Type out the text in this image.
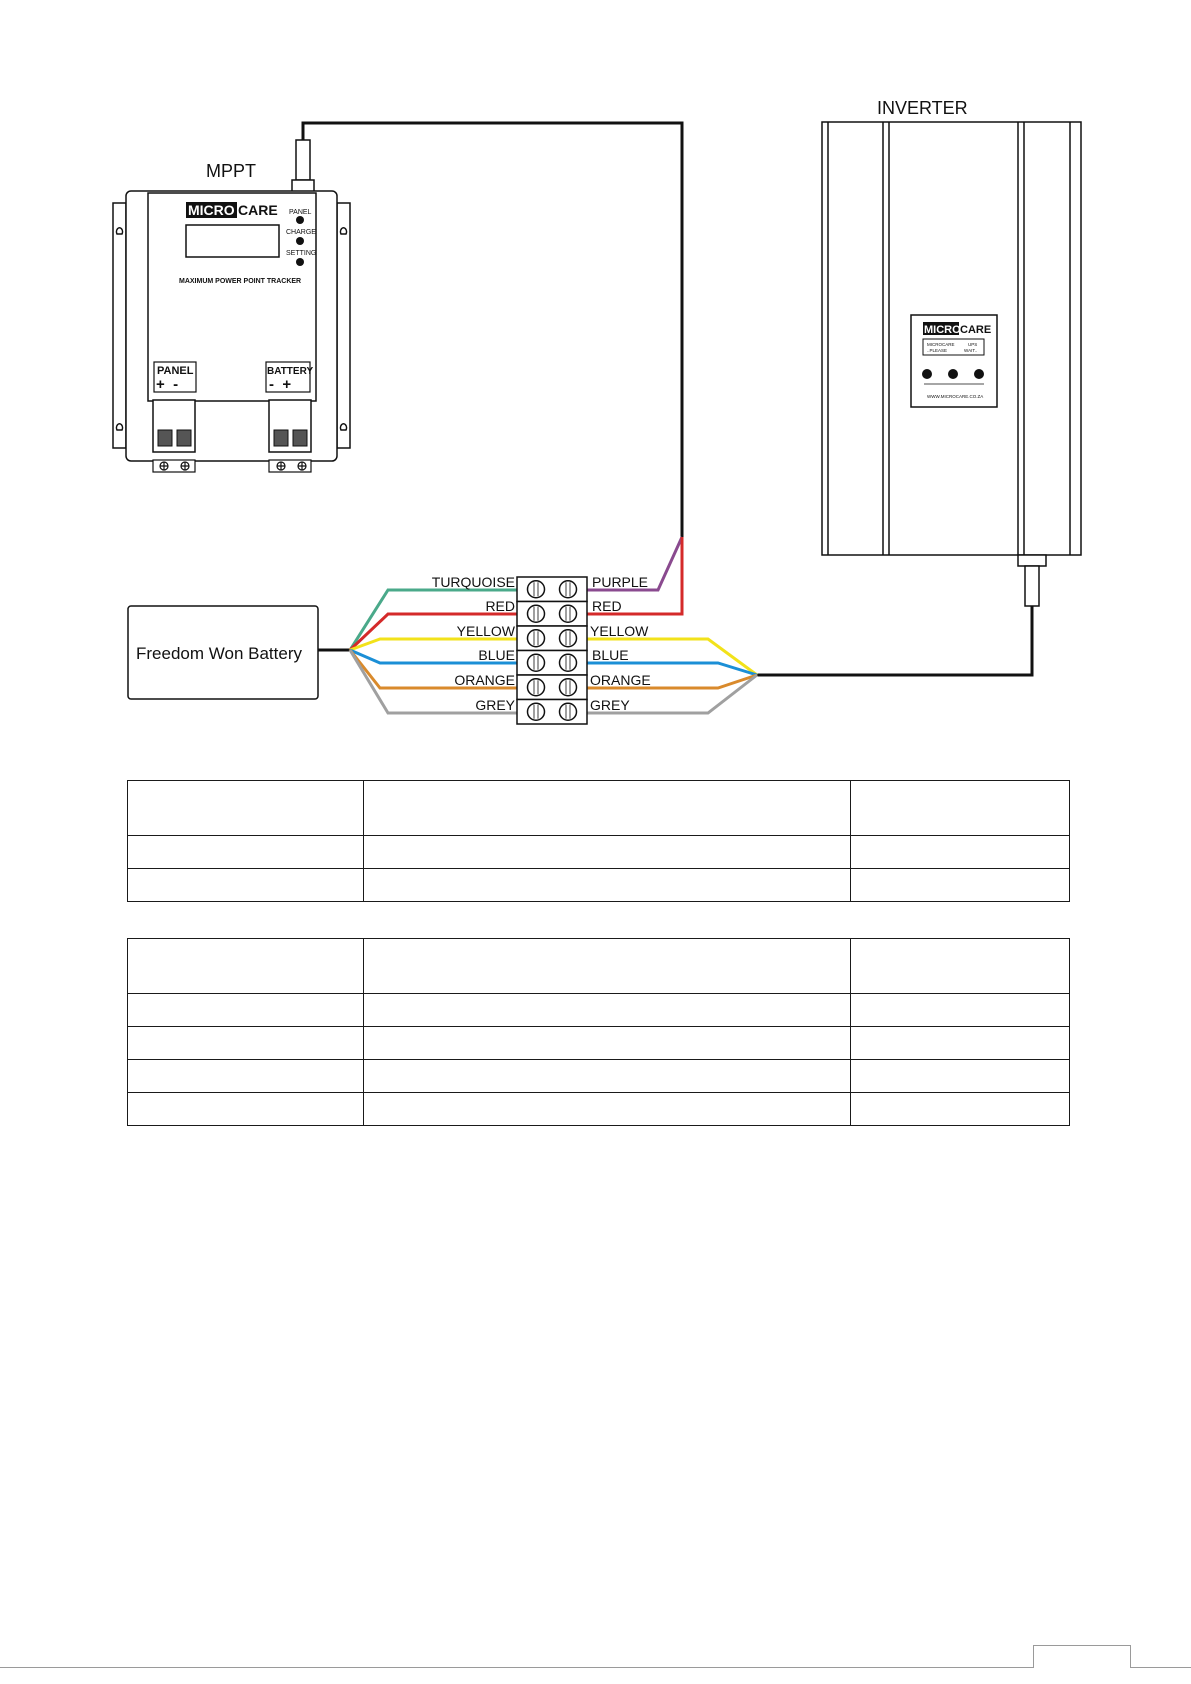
MPPT
MICRO CARE PANEL
CHARGE
SETTING
MAXIMUM POWER POINT TRACKER
PANEL
+  -
BATTERY
-  +
INVERTER
MICRO CARE
MICROCARE	UPS
..PLEASE	WAIT..
WWW.MICROCARE.CO.ZA
Freedom Won Battery
TURQUOISE
RED
YELLOW
BLUE
ORANGE
GREY
PURPLE
RED
YELLOW
BLUE
ORANGE
GREY
